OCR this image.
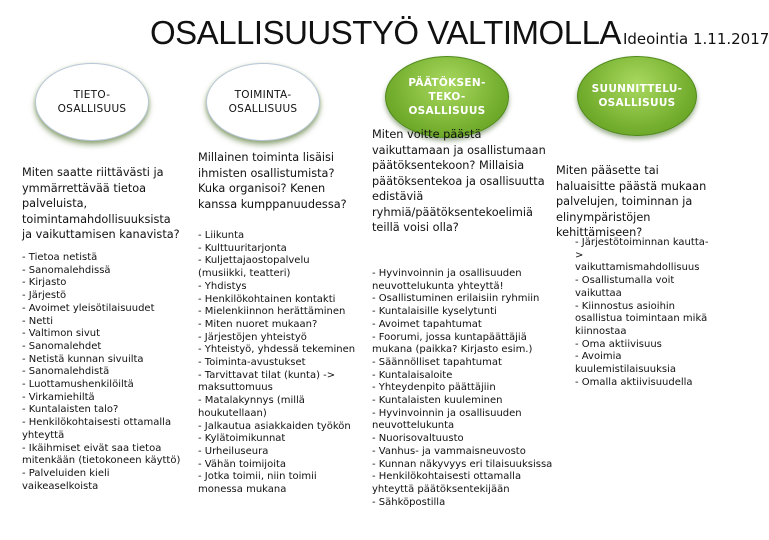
OSALLISUUSTYÖ VALTIMOLLA Ideointia 1.11.2017
TIETO-
OSALLISUUS
Miten saatte riittävästi ja ymmärrettävää tietoa palveluista, toimintamahdollisuuksista ja vaikuttamisen kanavista?
- Tietoa netistä
- Sanomalehdissä
- Kirjasto
- Järjestö
- Avoimet yleisötilaisuudet
- Netti
- Valtimon sivut
- Sanomalehdet
- Netistä kunnan sivuilta
- Sanomalehdistä
- Luottamushenkilöiltä
- Virkamiehiltä
- Kuntalaisten talo?
- Henkilökohtaisesti ottamalla yhteyttä
- Ikäihmiset eivät saa tietoa mitenkään (tietokoneen käyttö)
- Palveluiden kieli vaikeaselkoista
TOIMINTA-
OSALLISUUS
Millainen toiminta lisäisi ihmisten osallistumista? Kuka organisoi? Kenen kanssa kumppanuudessa?
- Liikunta
- Kulttuuritarjonta
- Kuljettajaostopalvelu (musiikki, teatteri)
- Yhdistys
- Henkilökohtainen kontakti
- Mielenkiinnon herättäminen
- Miten nuoret mukaan?
- Järjestöjen yhteistyö
- Yhteistyö, yhdessä tekeminen
- Toiminta-avustukset
- Tarvittavat tilat (kunta) -> maksuttomuus
- Matalakynnys (millä houkutellaan)
- Jalkautua asiakkaiden työkön
- Kylätoimikunnat
- Urheiluseura
- Vähän toimijoita
- Jotka toimii, niin toimii monessa mukana
PÄÄTÖKSEN-
TEKO-
OSALLISUUS
Miten voitte päästä vaikuttamaan ja osallistumaan päätöksentekoon? Millaisia päätöksentekoa ja osallisuutta edistäviä ryhmiä/päätöksentekoelimiä teillä voisi olla?
- Hyvinvoinnin ja osallisuuden neuvottelukunta yhteyttä!
- Osallistuminen erilaisiin ryhmiin
- Kuntalaisille kyselytunti
- Avoimet tapahtumat
- Foorumi, jossa kuntapäättäjiä mukana (paikka? Kirjasto esim.)
- Säännölliset tapahtumat
- Kuntalaisaloite
- Yhteydenpito päättäjiin
- Kuntalaisten kuuleminen
- Hyvinvoinnin ja osallisuuden neuvottelukunta
- Nuorisovaltuusto
- Vanhus- ja vammaisneuvosto
- Kunnan näkyvyys eri tilaisuuksissa
- Henkilökohtaisesti ottamalla yhteyttä päätöksentekijään
- Sähköpostilla
SUUNNITTELU-
OSALLISUUS
Miten pääsette tai haluaisitte päästä mukaan palvelujen, toiminnan ja elinympäristöjen kehittämiseen?
- Järjestötoiminnan kautta->
vaikuttamismahdollisuus
- Osallistumalla voit vaikuttaa
- Kiinnostus asioihin osallistua toimintaan mikä kiinnostaa
- Oma aktiivisuus
- Avoimia kuulemistilaisuuksia
- Omalla aktiivisuudella
